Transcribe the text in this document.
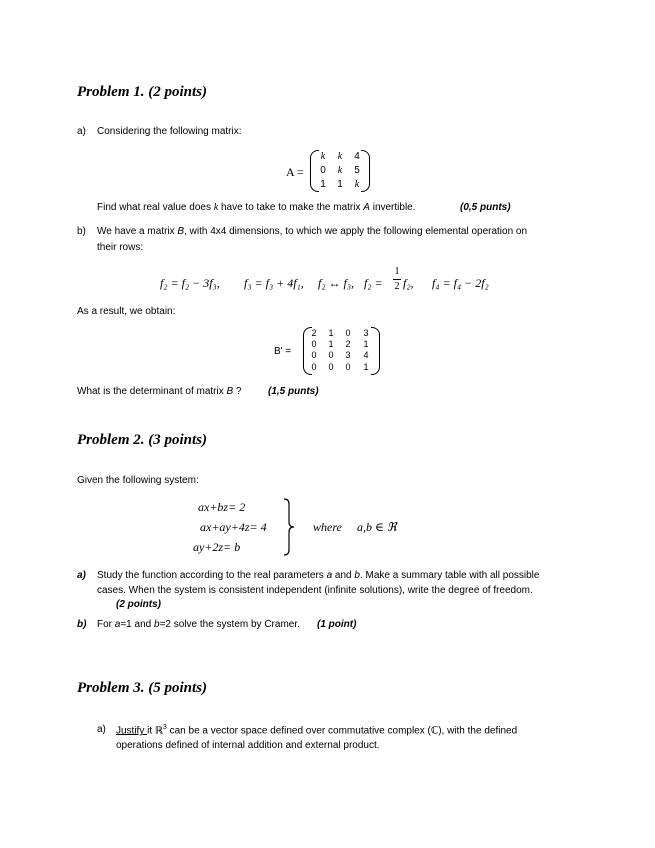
Problem 1. (2 points)
a) Considering the following matrix:
A =
k	k	4
0	k	5
1	1	k
Find what real value does k have to take to make the matrix A invertible.	(0,5 punts)
b) We have a matrix B, with 4x4 dimensions, to which we apply the following elemental operation on
their rows:
f₂ = f₂ − 3f₃, f₃ = f₃ + 4f₁, f₂ ↔ f₃, f₂ =
1
2 f₂, f₄ = f₄ − 2f₂
As a result, we obtain:
B' =
2	1	0	3
0	1	2	1
0	0	3	4
0	0	0	1
What is the determinant of matrix B ?	(1,5 punts)
Problem 2. (3 points)
Given the following system:
ax+bz= 2
ax+ay+4z= 4
ay+2z= b
where a,b ∈ ℜ
a) Study the function according to the real parameters a and b. Make a summary table with all possible
cases. When the system is consistent independent (infinite solutions), write the degree of freedom.
(2 points)
b) For a=1 and b=2 solve the system by Cramer. (1 point)
Problem 3. (5 points)
a) Justify it ℝ$^3$ can be a vector space defined over commutative complex (ℂ), with the defined
operations defined of internal addition and external product.
